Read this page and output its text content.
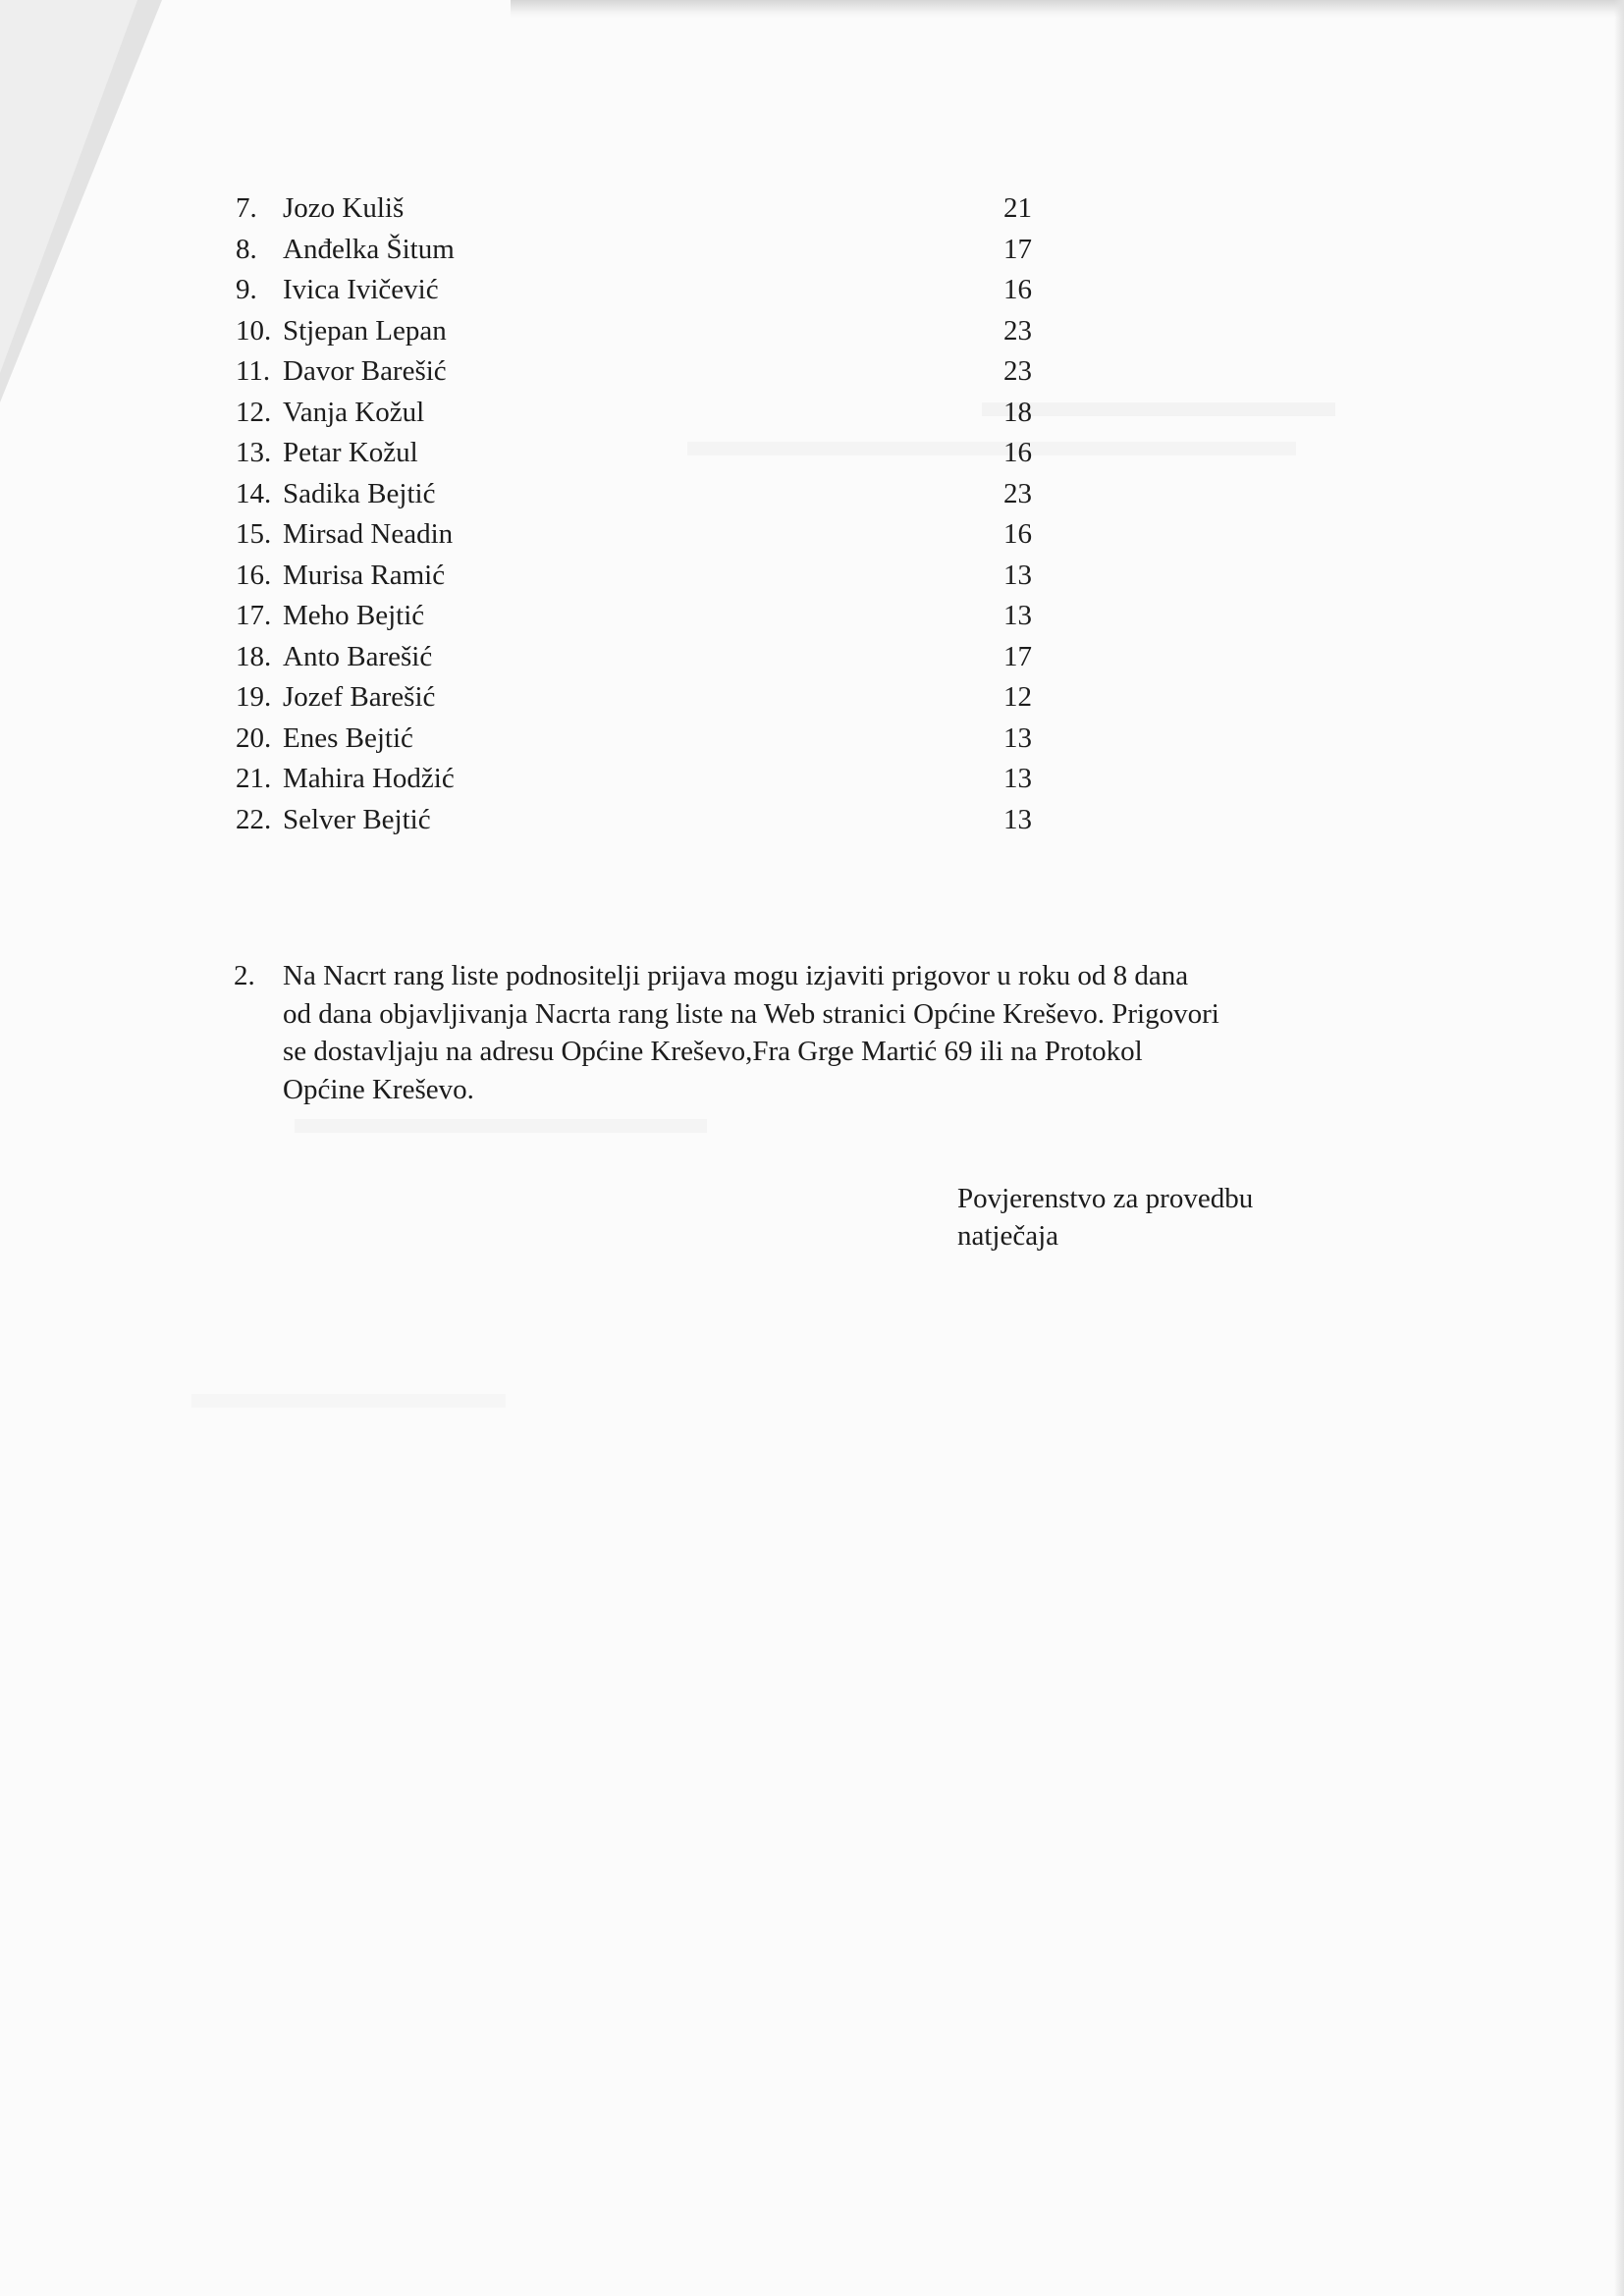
7. Jozo Kuliš	21
8. Anđelka Šitum	17
9. Ivica Ivičević	16
10. Stjepan Lepan	23
11. Davor Barešić	23
12. Vanja Kožul	18
13. Petar Kožul	16
14. Sadika Bejtić	23
15. Mirsad Neadin	16
16. Murisa Ramić	13
17. Meho Bejtić	13
18. Anto Barešić	17
19. Jozef Barešić	12
20. Enes Bejtić	13
21. Mahira Hodžić	13
22. Selver Bejtić	13
2. Na Nacrt rang liste podnositelji prijava mogu izjaviti prigovor u roku od 8 dana
od dana objavljivanja Nacrta rang liste na Web stranici Općine Kreševo. Prigovori
se dostavljaju na adresu Općine Kreševo,Fra Grge Martić 69 ili na Protokol
Općine Kreševo.

Povjerenstvo za provedbu
natječaja
